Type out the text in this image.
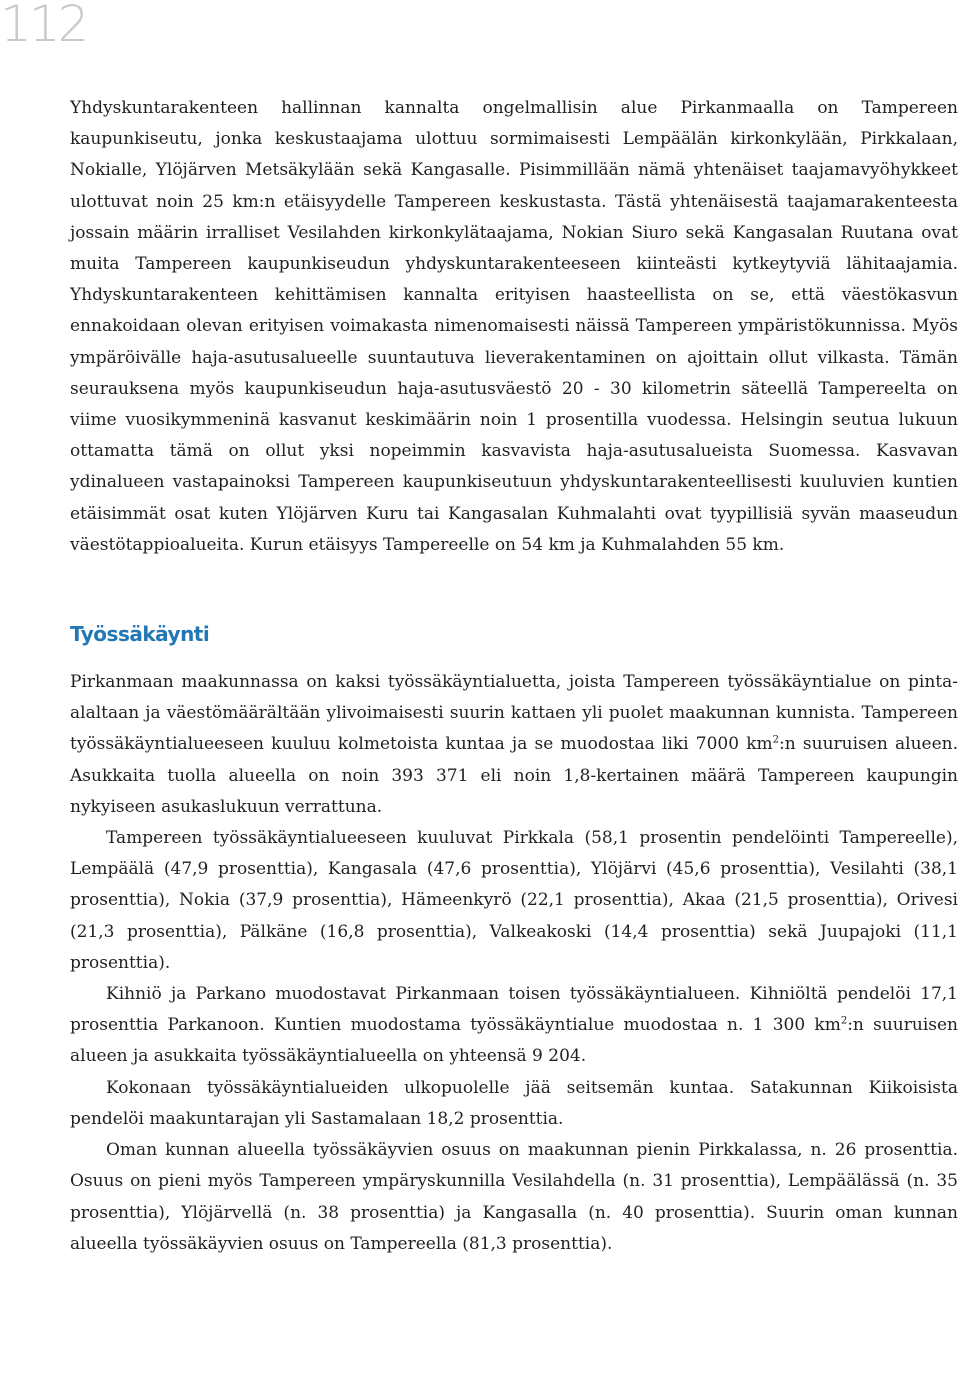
112

Yhdyskuntarakenteen hallinnan kannalta ongelmallisin alue Pirkanmaalla on Tampereen kaupunkiseutu, jonka keskustaajama ulottuu sormimaisesti Lempäälän kirkonkylään, Pirkkalaan, Nokialle, Ylöjärven Metsäkylään sekä Kangasalle. Pisimmillään nämä yhtenäiset taajamavyöhykkeet ulottuvat noin 25 km:n etäisyydelle Tampereen keskustasta. Tästä yhtenäisestä taajamarakenteesta jossain määrin irralliset Vesilahden kirkonkylätaajama, Nokian Siuro sekä Kangasalan Ruutana ovat muita Tampereen kaupunkiseudun yhdyskuntarakenteeseen kiinteästi kytkeytyviä lähitaajamia. Yhdyskuntarakenteen kehittämisen kannalta erityisen haasteellista on se, että väestökasvun ennakoidaan olevan erityisen voimakasta nimenomaisesti näissä Tampereen ympäristökunnissa. Myös ympäröivälle haja-asutusalueelle suuntautuva lieverakentaminen on ajoittain ollut vilkasta. Tämän seurauksena myös kaupunkiseudun haja-asutusväestö 20 - 30 kilometrin säteellä Tampereelta on viime vuosikymmeninä kasvanut keskimäärin noin 1 prosentilla vuodessa. Helsingin seutua lukuun ottamatta tämä on ollut yksi nopeimmin kasvavista haja-asutusalueista Suomessa. Kasvavan ydinalueen vastapainoksi Tampereen kaupunkiseutuun yhdyskuntarakenteellisesti kuuluvien kuntien etäisimmät osat kuten Ylöjärven Kuru tai Kangasalan Kuhmalahti ovat tyypillisiä syvän maaseudun väestötappioalueita. Kurun etäisyys Tampereelle on 54 km ja Kuhmalahden 55 km.

Työssäkäynti

Pirkanmaan maakunnassa on kaksi työssäkäyntialuetta, joista Tampereen työssäkäyntialue on pinta-alaltaan ja väestömäärältään ylivoimaisesti suurin kattaen yli puolet maakunnan kunnista. Tampereen työssäkäyntialueeseen kuuluu kolmetoista kuntaa ja se muodostaa liki 7000 $km^2:n$ suuruisen alueen. Asukkaita tuolla alueella on noin 393 371 eli noin 1,8-kertainen määrä Tampereen kaupungin nykyiseen asukaslukuun verrattuna.

Tampereen työssäkäyntialueeseen kuuluvat Pirkkala (58,1 prosentin pendelöinti Tampereelle), Lempäälä (47,9 prosenttia), Kangasala (47,6 prosenttia), Ylöjärvi (45,6 prosenttia), Vesilahti (38,1 prosenttia), Nokia (37,9 prosenttia), Hämeenkyrö (22,1 prosenttia), Akaa (21,5 prosenttia), Orivesi (21,3 prosenttia), Pälkäne (16,8 prosenttia), Valkeakoski (14,4 prosenttia) sekä Juupajoki (11,1 prosenttia).

Kihniö ja Parkano muodostavat Pirkanmaan toisen työssäkäyntialueen. Kihniöltä pendelöi 17,1 prosenttia Parkanoon. Kuntien muodostama työssäkäyntialue muodostaa n. 1 300 $km^2:n$ suuruisen alueen ja asukkaita työssäkäyntialueella on yhteensä 9 204.

Kokonaan työssäkäyntialueiden ulkopuolelle jää seitsemän kuntaa. Satakunnan Kiikoisista pendelöi maakuntarajan yli Sastamalaan 18,2 prosenttia.

Oman kunnan alueella työssäkäyvien osuus on maakunnan pienin Pirkkalassa, n. 26 prosenttia. Osuus on pieni myös Tampereen ympäryskunnilla Vesilahdella (n. 31 prosenttia), Lempäälässä (n. 35 prosenttia), Ylöjärvellä (n. 38 prosenttia) ja Kangasalla (n. 40 prosenttia). Suurin oman kunnan alueella työssäkäyvien osuus on Tampereella (81,3 prosenttia).
